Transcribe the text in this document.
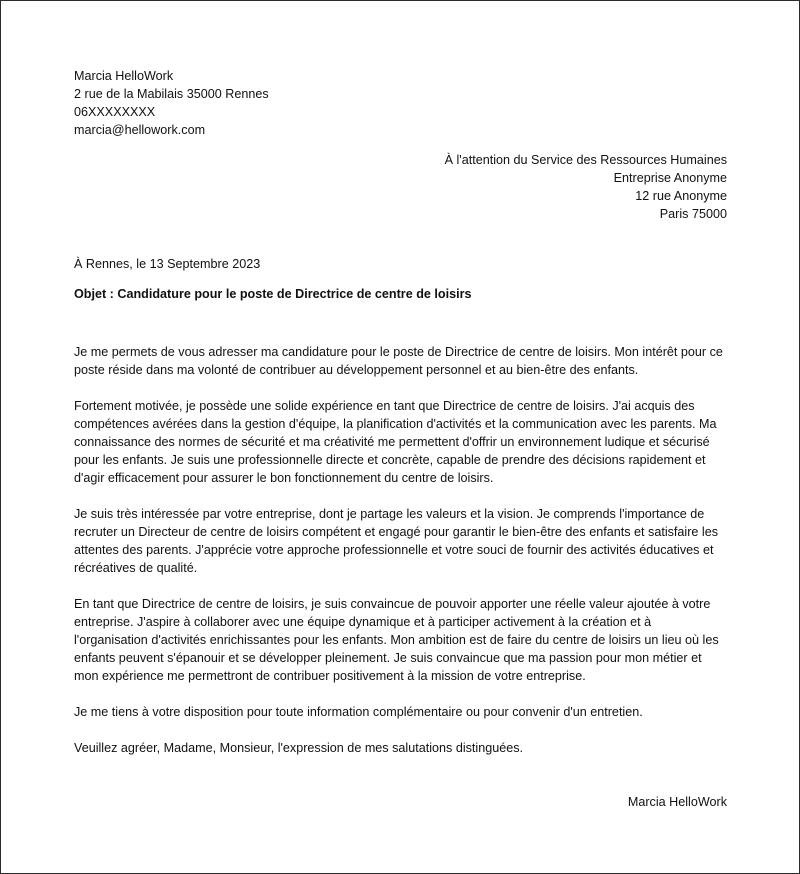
Marcia HelloWork
2 rue de la Mabilais 35000 Rennes
06XXXXXXXX
marcia@hellowork.com
À l'attention du Service des Ressources Humaines
Entreprise Anonyme
12 rue Anonyme
Paris 75000
À Rennes, le 13 Septembre 2023
Objet : Candidature pour le poste de Directrice de centre de loisirs

Je me permets de vous adresser ma candidature pour le poste de Directrice de centre de loisirs. Mon intérêt pour ce poste réside dans ma volonté de contribuer au développement personnel et au bien-être des enfants.

Fortement motivée, je possède une solide expérience en tant que Directrice de centre de loisirs. J'ai acquis des compétences avérées dans la gestion d'équipe, la planification d'activités et la communication avec les parents. Ma connaissance des normes de sécurité et ma créativité me permettent d'offrir un environnement ludique et sécurisé pour les enfants. Je suis une professionnelle directe et concrète, capable de prendre des décisions rapidement et d'agir efficacement pour assurer le bon fonctionnement du centre de loisirs.

Je suis très intéressée par votre entreprise, dont je partage les valeurs et la vision. Je comprends l'importance de recruter un Directeur de centre de loisirs compétent et engagé pour garantir le bien-être des enfants et satisfaire les attentes des parents. J'apprécie votre approche professionnelle et votre souci de fournir des activités éducatives et récréatives de qualité.

En tant que Directrice de centre de loisirs, je suis convaincue de pouvoir apporter une réelle valeur ajoutée à votre entreprise. J'aspire à collaborer avec une équipe dynamique et à participer activement à la création et à l'organisation d'activités enrichissantes pour les enfants. Mon ambition est de faire du centre de loisirs un lieu où les enfants peuvent s'épanouir et se développer pleinement. Je suis convaincue que ma passion pour mon métier et mon expérience me permettront de contribuer positivement à la mission de votre entreprise.

Je me tiens à votre disposition pour toute information complémentaire ou pour convenir d'un entretien.

Veuillez agréer, Madame, Monsieur, l'expression de mes salutations distinguées.

Marcia HelloWork
